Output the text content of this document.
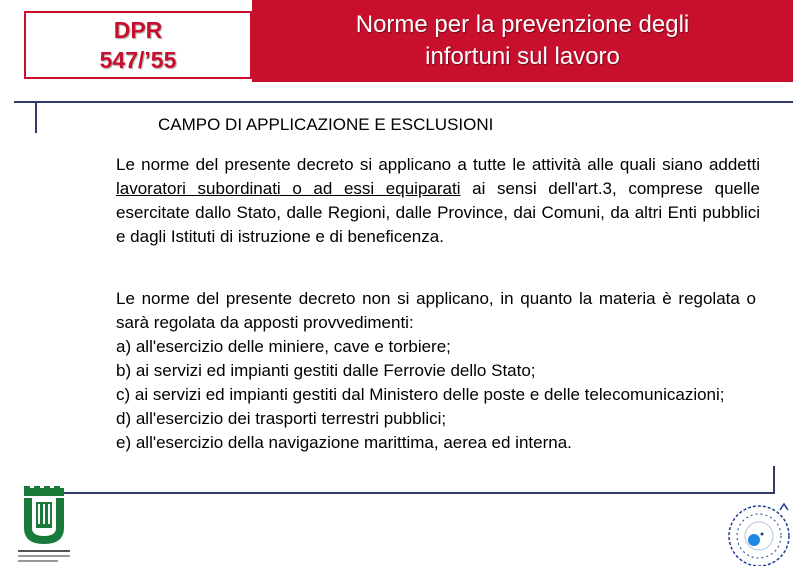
DPR
547/’55
Norme per la prevenzione degli
infortuni sul lavoro
CAMPO DI APPLICAZIONE E ESCLUSIONI

Le norme del presente decreto si applicano a tutte le attività alle quali siano addetti lavoratori subordinati o ad essi equiparati ai sensi dell'art.3, comprese quelle esercitate dallo Stato, dalle Regioni, dalle Province, dai Comuni, da altri Enti pubblici e dagli Istituti di istruzione e di beneficenza.

Le norme del presente decreto non si applicano, in quanto la materia è regolata o sarà regolata da apposti provvedimenti:

a) all'esercizio delle miniere, cave e torbiere;

b) ai servizi ed impianti gestiti dalle Ferrovie dello Stato;

c) ai servizi ed impianti gestiti dal Ministero delle poste e delle telecomunicazioni;

d) all'esercizio dei trasporti terrestri pubblici;

e) all'esercizio della navigazione marittima, aerea ed interna.
